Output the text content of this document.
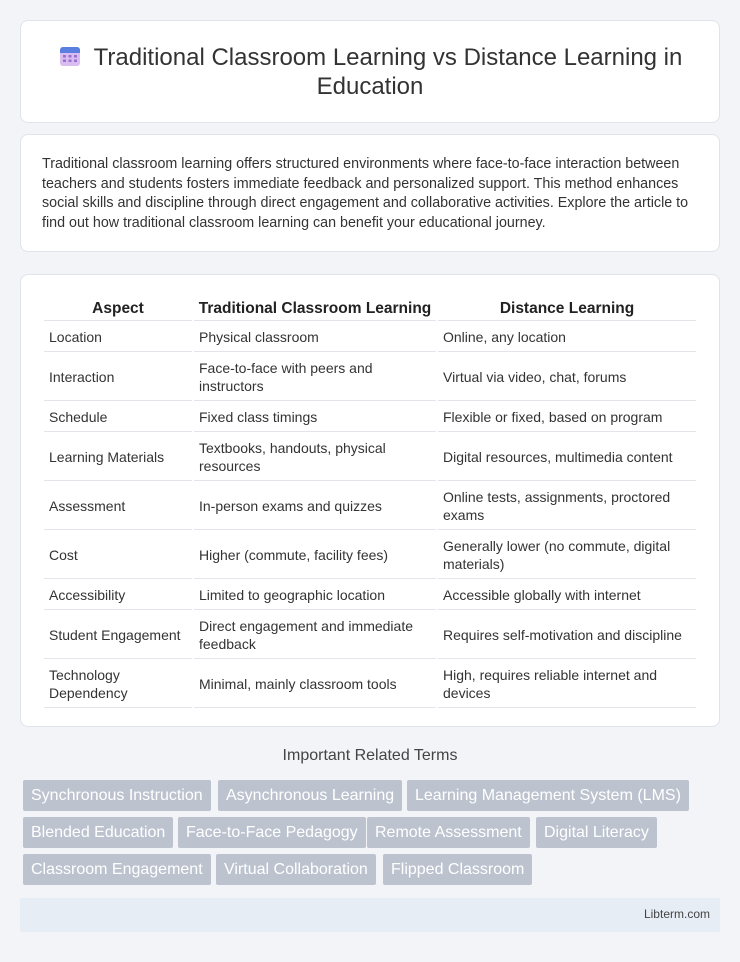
Traditional Classroom Learning vs Distance Learning in Education

Traditional classroom learning offers structured environments where face-to-face interaction between teachers and students fosters immediate feedback and personalized support. This method enhances social skills and discipline through direct engagement and collaborative activities. Explore the article to find out how traditional classroom learning can benefit your educational journey.

Aspect	Traditional Classroom Learning	Distance Learning
Location	Physical classroom	Online, any location
Interaction	Face-to-face with peers and instructors	Virtual via video, chat, forums
Schedule	Fixed class timings	Flexible or fixed, based on program
Learning Materials	Textbooks, handouts, physical resources	Digital resources, multimedia content
Assessment	In-person exams and quizzes	Online tests, assignments, proctored exams
Cost	Higher (commute, facility fees)	Generally lower (no commute, digital materials)
Accessibility	Limited to geographic location	Accessible globally with internet
Student Engagement	Direct engagement and immediate feedback	Requires self-motivation and discipline
Technology Dependency	Minimal, mainly classroom tools	High, requires reliable internet and devices
Important Related Terms
Synchronous Instruction	Asynchronous Learning	Learning Management System (LMS)
Blended Education	Face-to-Face Pedagogy	Remote Assessment	Digital Literacy
Classroom Engagement	Virtual Collaboration	Flipped Classroom
Libterm.com
